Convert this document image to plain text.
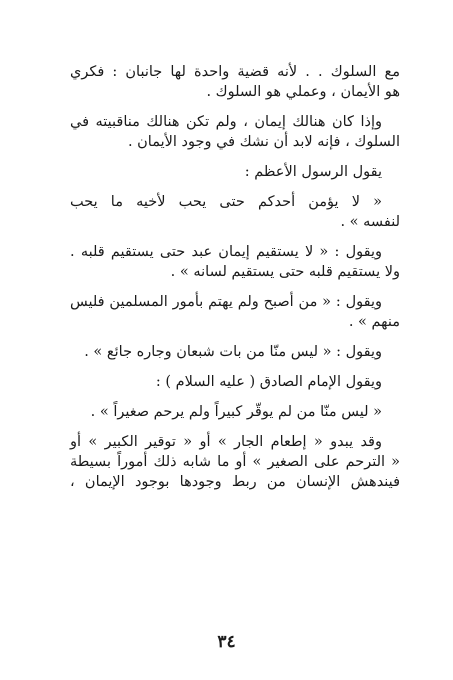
مع السلوك . . لأنه قضية واحدة لها جانبان : فكري
هو الأيمان ، وعملي هو السلوك .
وإذا كان هنالك إيمان ، ولم تكن هنالك مناقبيته في
السلوك ، فإنه لابد أن نشك في وجود الأيمان .
يقول الرسول الأعظم :
« لا يؤمن أحدكم حتى يحب لأخيه ما يحب
لنفسه » .
ويقول : « لا يستقيم إيمان عبد حتى يستقيم قلبه .
ولا يستقيم قلبه حتى يستقيم لسانه » .
ويقول : « من أصبح ولم يهتم بأمور المسلمين فليس
منهم » .
ويقول : « ليس منّا من بات شبعان وجاره جائع » .
ويقول الإمام الصادق ( عليه السلام ) :
« ليس منّا من لم يوقّر كبيراً ولم يرحم صغيراً » .
وقد يبدو « إطعام الجار » أو « توقير الكبير » أو
« الترحم على الصغير » أو ما شابه ذلك أموراً بسيطة
فيندهش الإنسان من ربط وجودها بوجود الإيمان ،
٣٤
